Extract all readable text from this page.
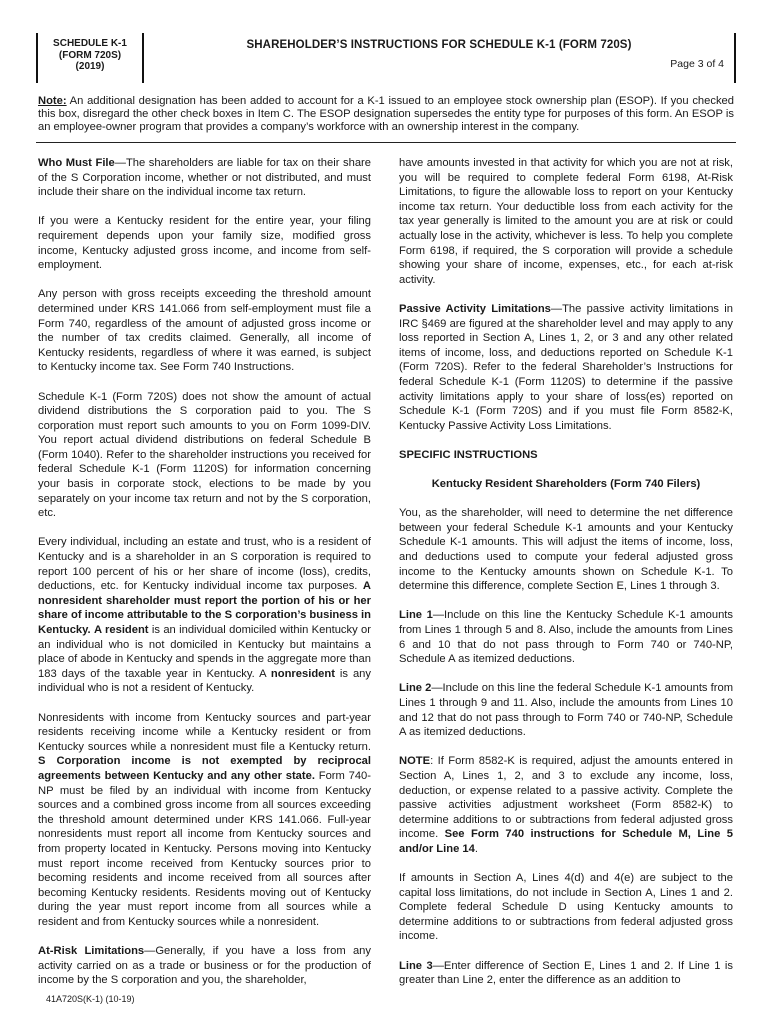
SCHEDULE K-1
(FORM 720S)
(2019)
SHAREHOLDER’S INSTRUCTIONS FOR SCHEDULE K-1 (FORM 720S)
Page 3 of 4
Note: An additional designation has been added to account for a K-1 issued to an employee stock ownership plan (ESOP). If you checked this box, disregard the other check boxes in Item C. The ESOP designation supersedes the entity type for purposes of this form. An ESOP is an employee-owner program that provides a company’s workforce with an ownership interest in the company.

Who Must File—The shareholders are liable for tax on their share of the S Corporation income, whether or not distributed, and must include their share on the individual income tax return.

If you were a Kentucky resident for the entire year, your filing requirement depends upon your family size, modified gross income, Kentucky adjusted gross income, and income from self-employment.

Any person with gross receipts exceeding the threshold amount determined under KRS 141.066 from self-employment must file a Form 740, regardless of the amount of adjusted gross income or the number of tax credits claimed. Generally, all income of Kentucky residents, regardless of where it was earned, is subject to Kentucky income tax. See Form 740 Instructions.

Schedule K-1 (Form 720S) does not show the amount of actual dividend distributions the S corporation paid to you. The S corporation must report such amounts to you on Form 1099-DIV. You report actual dividend distributions on federal Schedule B (Form 1040). Refer to the shareholder instructions you received for federal Schedule K-1 (Form 1120S) for information concerning your basis in corporate stock, elections to be made by you separately on your income tax return and not by the S corporation, etc.

Every individual, including an estate and trust, who is a resident of Kentucky and is a shareholder in an S corporation is required to report 100 percent of his or her share of income (loss), credits, deductions, etc. for Kentucky individual income tax purposes. A nonresident shareholder must report the portion of his or her share of income attributable to the S corporation’s business in Kentucky. A resident is an individual domiciled within Kentucky or an individual who is not domiciled in Kentucky but maintains a place of abode in Kentucky and spends in the aggregate more than 183 days of the taxable year in Kentucky. A nonresident is any individual who is not a resident of Kentucky.

Nonresidents with income from Kentucky sources and part-year residents receiving income while a Kentucky resident or from Kentucky sources while a nonresident must file a Kentucky return. S Corporation income is not exempted by reciprocal agreements between Kentucky and any other state. Form 740-NP must be filed by an individual with income from Kentucky sources and a combined gross income from all sources exceeding the threshold amount determined under KRS 141.066. Full-year nonresidents must report all income from Kentucky sources and from property located in Kentucky. Persons moving into Kentucky must report income received from Kentucky sources prior to becoming residents and income received from all sources after becoming Kentucky residents. Residents moving out of Kentucky during the year must report income from all sources while a resident and from Kentucky sources while a nonresident.

At-Risk Limitations—Generally, if you have a loss from any activity carried on as a trade or business or for the production of income by the S corporation and you, the shareholder,

have amounts invested in that activity for which you are not at risk, you will be required to complete federal Form 6198, At-Risk Limitations, to figure the allowable loss to report on your Kentucky income tax return. Your deductible loss from each activity for the tax year generally is limited to the amount you are at risk or could actually lose in the activity, whichever is less. To help you complete Form 6198, if required, the S corporation will provide a schedule showing your share of income, expenses, etc., for each at-risk activity.

Passive Activity Limitations—The passive activity limitations in IRC §469 are figured at the shareholder level and may apply to any loss reported in Section A, Lines 1, 2, or 3 and any other related items of income, loss, and deductions reported on Schedule K-1 (Form 720S). Refer to the federal Shareholder’s Instructions for federal Schedule K-1 (Form 1120S) to determine if the passive activity limitations apply to your share of loss(es) reported on Schedule K-1 (Form 720S) and if you must file Form 8582-K, Kentucky Passive Activity Loss Limitations.

SPECIFIC INSTRUCTIONS
Kentucky Resident Shareholders (Form 740 Filers)

You, as the shareholder, will need to determine the net difference between your federal Schedule K-1 amounts and your Kentucky Schedule K-1 amounts. This will adjust the items of income, loss, and deductions used to compute your federal adjusted gross income to the Kentucky amounts shown on Schedule K-1. To determine this difference, complete Section E, Lines 1 through 3.

Line 1—Include on this line the Kentucky Schedule K-1 amounts from Lines 1 through 5 and 8. Also, include the amounts from Lines 6 and 10 that do not pass through to Form 740 or 740-NP, Schedule A as itemized deductions.

Line 2—Include on this line the federal Schedule K-1 amounts from Lines 1 through 9 and 11. Also, include the amounts from Lines 10 and 12 that do not pass through to Form 740 or 740-NP, Schedule A as itemized deductions.

NOTE: If Form 8582-K is required, adjust the amounts entered in Section A, Lines 1, 2, and 3 to exclude any income, loss, deduction, or expense related to a passive activity. Complete the passive activities adjustment worksheet (Form 8582-K) to determine additions to or subtractions from federal adjusted gross income. See Form 740 instructions for Schedule M, Line 5 and/or Line 14.

If amounts in Section A, Lines 4(d) and 4(e) are subject to the capital loss limitations, do not include in Section A, Lines 1 and 2. Complete federal Schedule D using Kentucky amounts to determine additions to or subtractions from federal adjusted gross income.

Line 3—Enter difference of Section E, Lines 1 and 2. If Line 1 is greater than Line 2, enter the difference as an addition to

41A720S(K-1) (10-19)
